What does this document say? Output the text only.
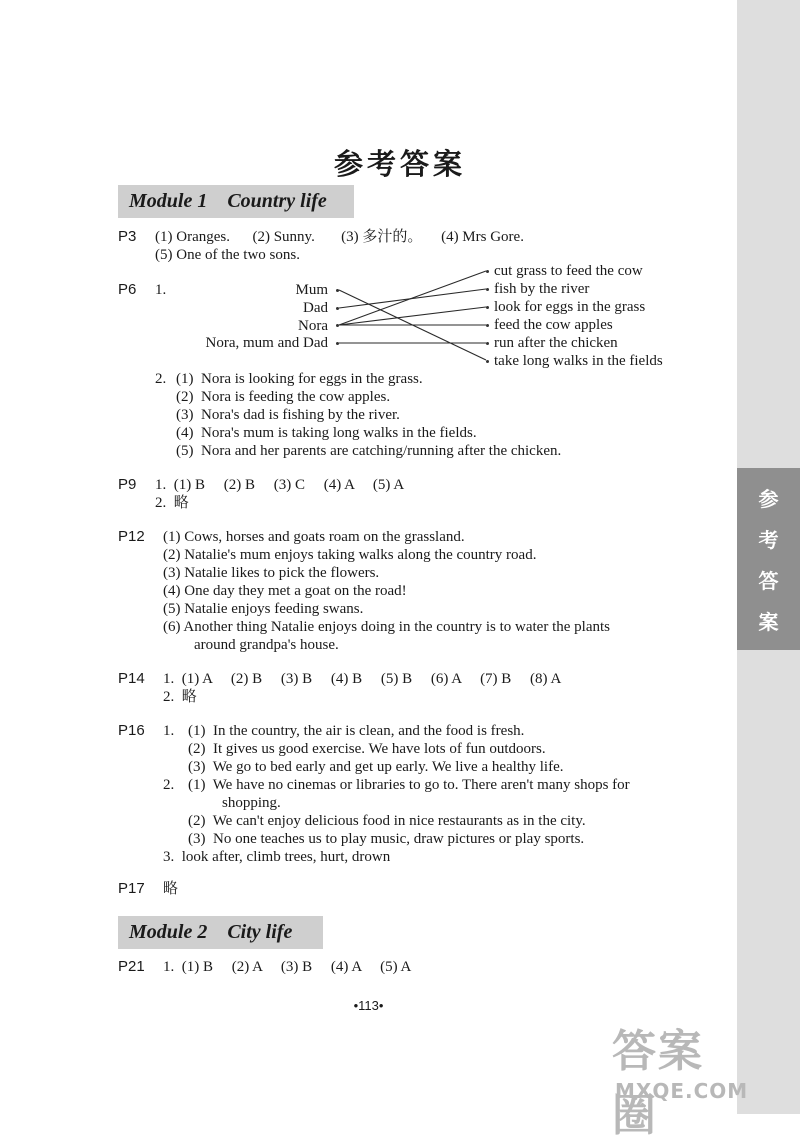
参
考
答
案
参考答案
Module 1    Country life
P3 (1) Oranges.      (2) Sunny.       (3) 多汁的。     (4) Mrs Gore.
(5) One of the two sons.
P6 1.	Mum
Dad
Nora
Nora, mum and Dad
cut grass to feed the cow
fish by the river
look for eggs in the grass
feed the cow apples
run after the chicken
take long walks in the fields
2. (1)  Nora is looking for eggs in the grass.
(2)  Nora is feeding the cow apples.
(3)  Nora's dad is fishing by the river.
(4)  Nora's mum is taking long walks in the fields.
(5)  Nora and her parents are catching/running after the chicken.
P9 1.  (1) B     (2) B     (3) C     (4) A     (5) A
2.  略
P12 (1) Cows, horses and goats roam on the grassland.
(2) Natalie's mum enjoys taking walks along the country road.
(3) Natalie likes to pick the flowers.
(4) One day they met a goat on the road!
(5) Natalie enjoys feeding swans.
(6) Another thing Natalie enjoys doing in the country is to water the plants
around grandpa's house.
P14 1.  (1) A     (2) B     (3) B     (4) B     (5) B     (6) A     (7) B     (8) A
2.  略
P16 1. (1)  In the country, the air is clean, and the food is fresh.
(2)  It gives us good exercise. We have lots of fun outdoors.
(3)  We go to bed early and get up early. We live a healthy life.
2. (1)  We have no cinemas or libraries to go to. There aren't many shops for
shopping.
(2)  We can't enjoy delicious food in nice restaurants as in the city.
(3)  No one teaches us to play music, draw pictures or play sports.
3.  look after, climb trees, hurt, drown
P17 略
Module 2    City life
P21 1.  (1) B     (2) A     (3) B     (4) A     (5) A
•113•
答案圈
MXQE.COM
